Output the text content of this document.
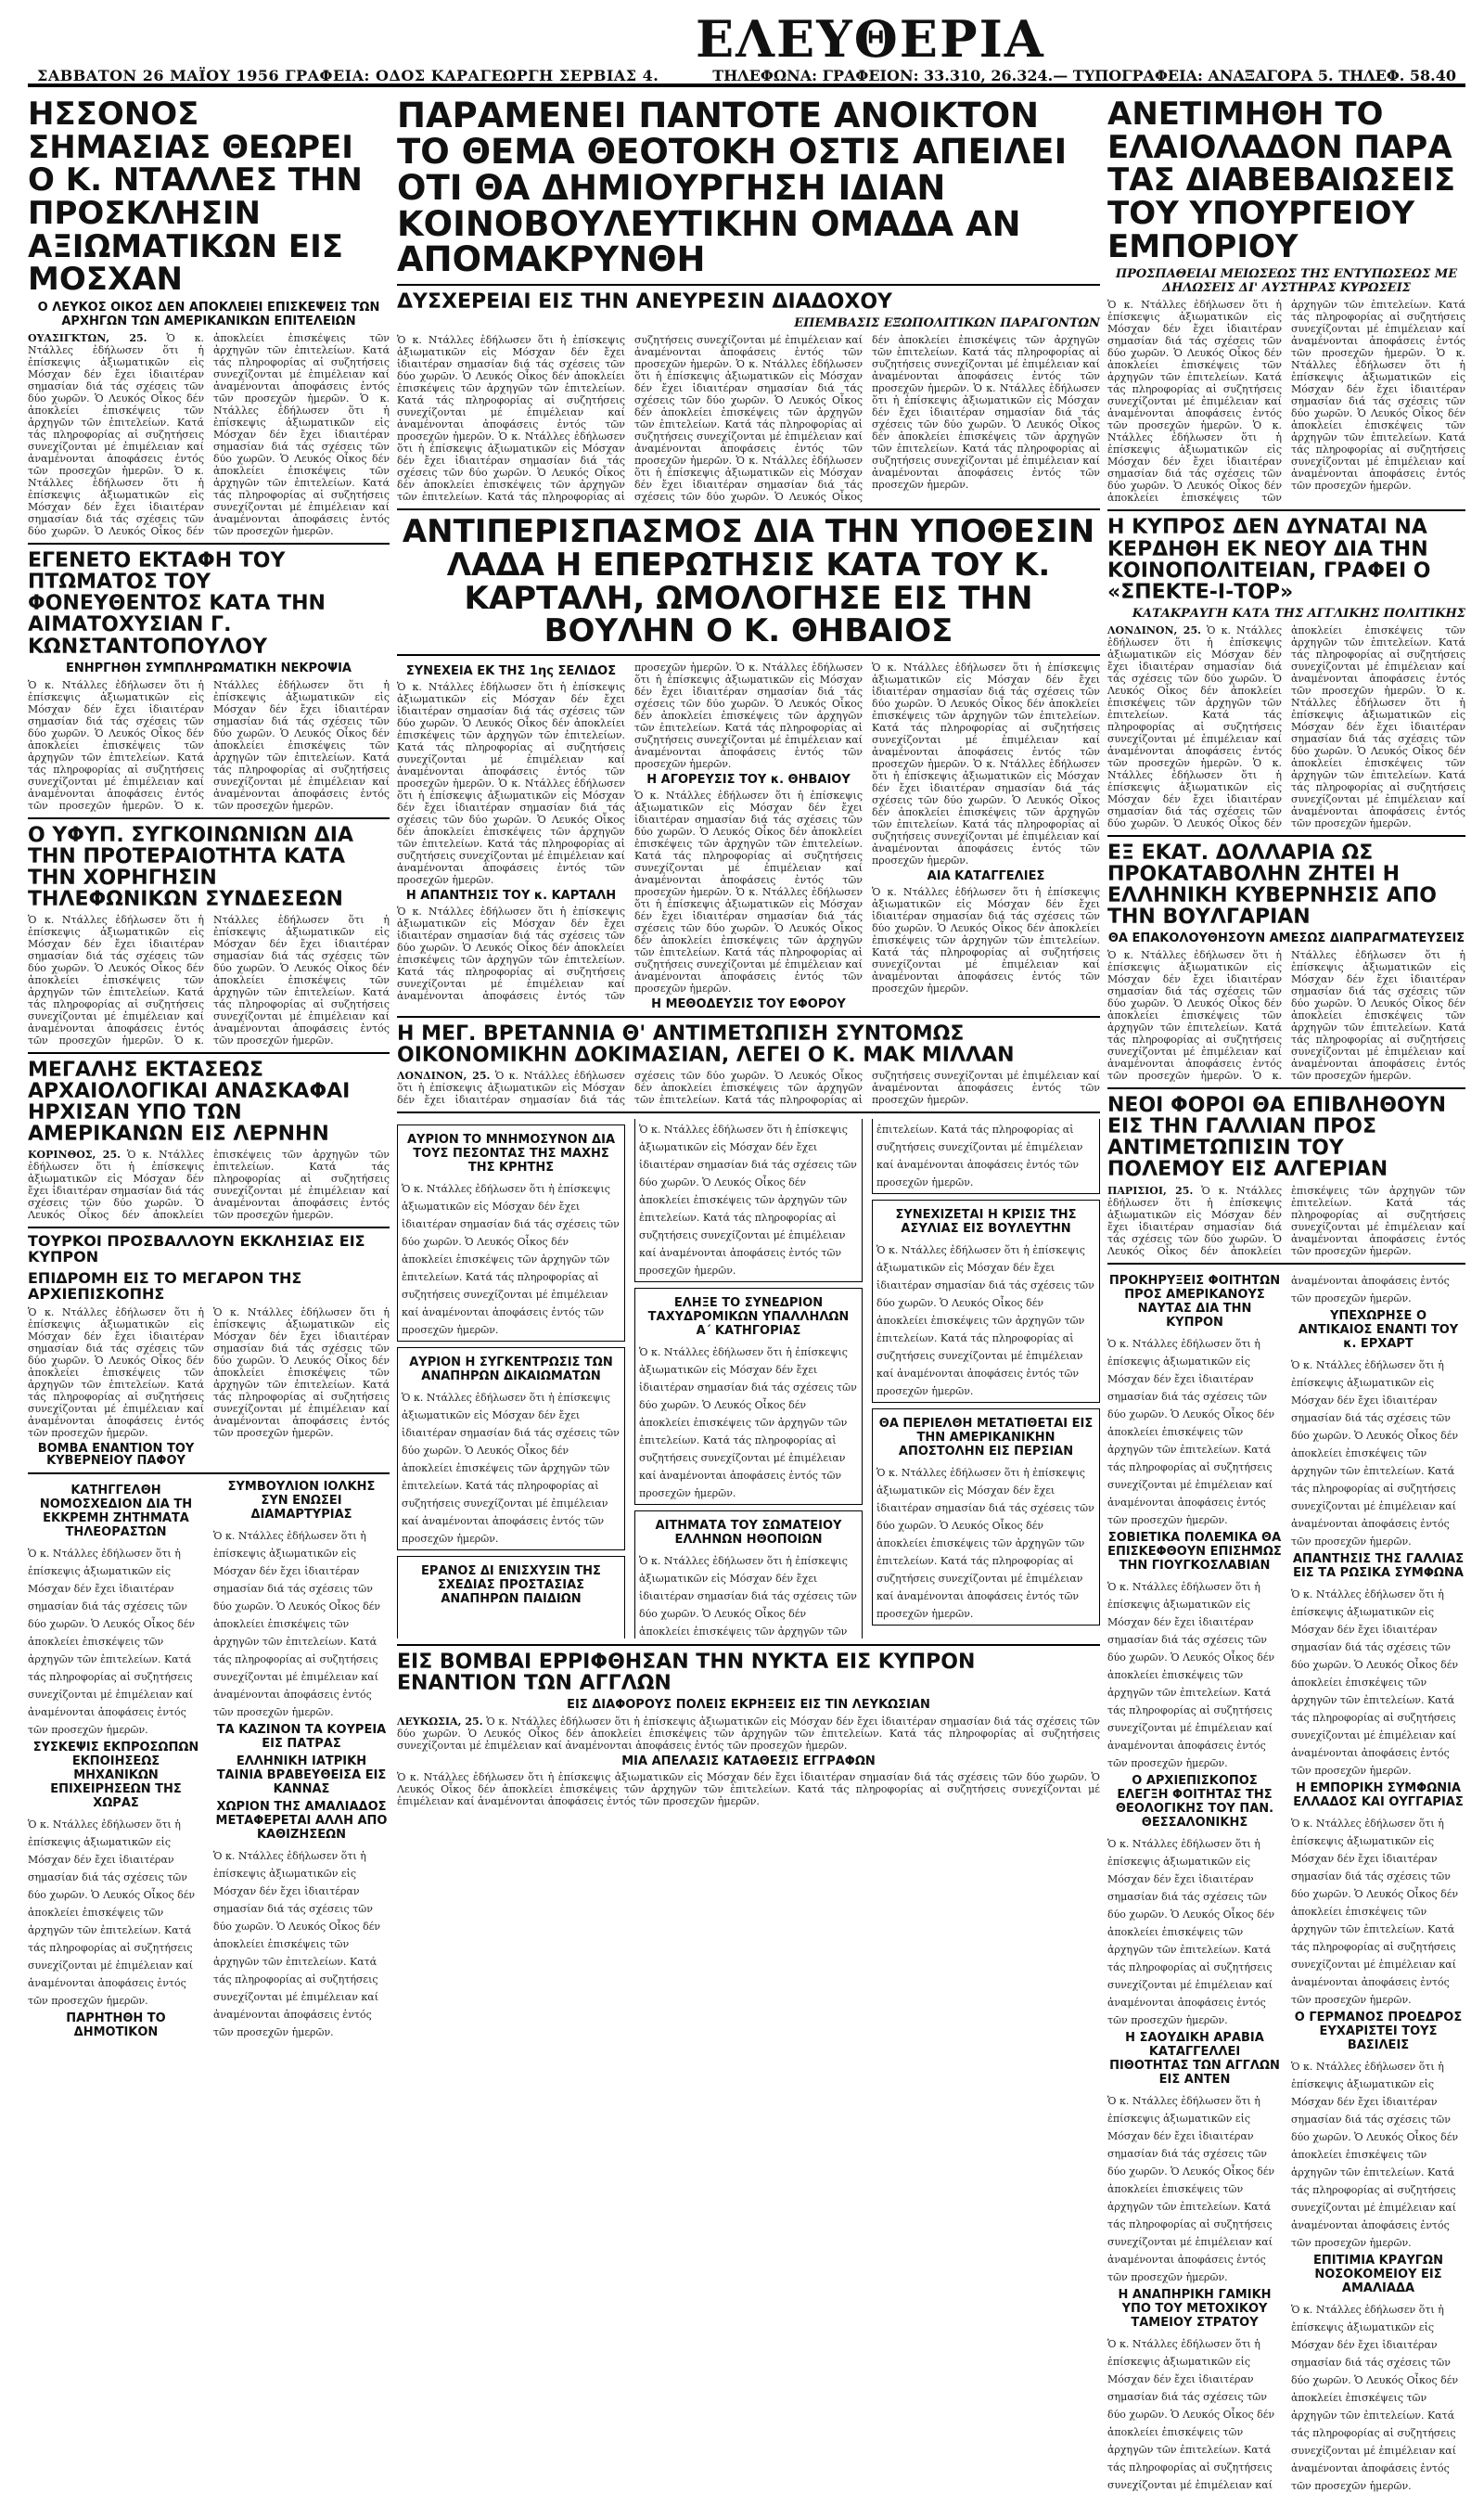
ΣΑΒΒΑΤΟΝ 26 ΜΑΪΟΥ 1956 ΓΡΑΦΕΙΑ: ΟΔΟΣ ΚΑΡΑΓΕΩΡΓΗ ΣΕΡΒΙΑΣ 4.
ΕΛΕΥΘΕΡΙΑ
ΤΗΛΕΦΩΝΑ: ΓΡΑΦΕΙΟΝ: 33.310, 26.324.— ΤΥΠΟΓΡΑΦΕΙΑ: ΑΝΑΞΑΓΟΡΑ 5. ΤΗΛΕΦ. 58.40
ΗΣΣΟΝΟΣ ΣΗΜΑΣΙΑΣ ΘΕΩΡΕΙ Ο Κ. ΝΤΑΛΛΕΣ ΤΗΝ ΠΡΟΣΚΛΗΣΙΝ ΑΞΙΩΜΑΤΙΚΩΝ ΕΙΣ ΜΟΣΧΑΝ
Ο ΛΕΥΚΟΣ ΟΙΚΟΣ ΔΕΝ ΑΠΟΚΛΕΙΕΙ ΕΠΙΣΚΕΨΕΙΣ ΤΩΝ ΑΡΧΗΓΩΝ ΤΩΝ ΑΜΕΡΙΚΑΝΙΚΩΝ ΕΠΙΤΕΛΕΙΩΝ
ΟΥΑΣΙΓΚΤΩΝ, 25. Ὁ κ. Ντάλλες ἐδήλωσεν ὅτι ἡ ἐπίσκεψις ἀξιωματικῶν εἰς Μόσχαν δέν ἔχει ἰδιαιτέραν σημασίαν διά τάς σχέσεις τῶν δύο χωρῶν. Ὁ Λευκός Οἶκος δέν ἀποκλείει ἐπισκέψεις τῶν ἀρχηγῶν τῶν ἐπιτελείων. Κατά τάς πληροφορίας αἱ συζητήσεις συνεχίζονται μέ ἐπιμέλειαν καί ἀναμένονται ἀποφάσεις ἐντός τῶν προσεχῶν ἡμερῶν. Ὁ κ. Ντάλλες ἐδήλωσεν ὅτι ἡ ἐπίσκεψις ἀξιωματικῶν εἰς Μόσχαν δέν ἔχει ἰδιαιτέραν σημασίαν διά τάς σχέσεις τῶν δύο χωρῶν. Ὁ Λευκός Οἶκος δέν ἀποκλείει ἐπισκέψεις τῶν ἀρχηγῶν τῶν ἐπιτελείων. Κατά τάς πληροφορίας αἱ συζητήσεις συνεχίζονται μέ ἐπιμέλειαν καί ἀναμένονται ἀποφάσεις ἐντός τῶν προσεχῶν ἡμερῶν. Ὁ κ. Ντάλλες ἐδήλωσεν ὅτι ἡ ἐπίσκεψις ἀξιωματικῶν εἰς Μόσχαν δέν ἔχει ἰδιαιτέραν σημασίαν διά τάς σχέσεις τῶν δύο χωρῶν. Ὁ Λευκός Οἶκος δέν ἀποκλείει ἐπισκέψεις τῶν ἀρχηγῶν τῶν ἐπιτελείων. Κατά τάς πληροφορίας αἱ συζητήσεις συνεχίζονται μέ ἐπιμέλειαν καί ἀναμένονται ἀποφάσεις ἐντός τῶν προσεχῶν ἡμερῶν.
ΕΓΕΝΕΤΟ ΕΚΤΑΦΗ ΤΟΥ ΠΤΩΜΑΤΟΣ ΤΟΥ ΦΟΝΕΥΘΕΝΤΟΣ ΚΑΤΑ ΤΗΝ ΑΙΜΑΤΟΧΥΣΙΑΝ Γ. ΚΩΝΣΤΑΝΤΟΠΟΥΛΟΥ
ΕΝΗΡΓΗΘΗ ΣΥΜΠΛΗΡΩΜΑΤΙΚΗ ΝΕΚΡΟΨΙΑ
Ὁ κ. Ντάλλες ἐδήλωσεν ὅτι ἡ ἐπίσκεψις ἀξιωματικῶν εἰς Μόσχαν δέν ἔχει ἰδιαιτέραν σημασίαν διά τάς σχέσεις τῶν δύο χωρῶν. Ὁ Λευκός Οἶκος δέν ἀποκλείει ἐπισκέψεις τῶν ἀρχηγῶν τῶν ἐπιτελείων. Κατά τάς πληροφορίας αἱ συζητήσεις συνεχίζονται μέ ἐπιμέλειαν καί ἀναμένονται ἀποφάσεις ἐντός τῶν προσεχῶν ἡμερῶν. Ὁ κ. Ντάλλες ἐδήλωσεν ὅτι ἡ ἐπίσκεψις ἀξιωματικῶν εἰς Μόσχαν δέν ἔχει ἰδιαιτέραν σημασίαν διά τάς σχέσεις τῶν δύο χωρῶν. Ὁ Λευκός Οἶκος δέν ἀποκλείει ἐπισκέψεις τῶν ἀρχηγῶν τῶν ἐπιτελείων. Κατά τάς πληροφορίας αἱ συζητήσεις συνεχίζονται μέ ἐπιμέλειαν καί ἀναμένονται ἀποφάσεις ἐντός τῶν προσεχῶν ἡμερῶν.
Ο ΥΦΥΠ. ΣΥΓΚΟΙΝΩΝΙΩΝ ΔΙΑ ΤΗΝ ΠΡΟΤΕΡΑΙΟΤΗΤΑ ΚΑΤΑ ΤΗΝ ΧΟΡΗΓΗΣΙΝ ΤΗΛΕΦΩΝΙΚΩΝ ΣΥΝΔΕΣΕΩΝ
Ὁ κ. Ντάλλες ἐδήλωσεν ὅτι ἡ ἐπίσκεψις ἀξιωματικῶν εἰς Μόσχαν δέν ἔχει ἰδιαιτέραν σημασίαν διά τάς σχέσεις τῶν δύο χωρῶν. Ὁ Λευκός Οἶκος δέν ἀποκλείει ἐπισκέψεις τῶν ἀρχηγῶν τῶν ἐπιτελείων. Κατά τάς πληροφορίας αἱ συζητήσεις συνεχίζονται μέ ἐπιμέλειαν καί ἀναμένονται ἀποφάσεις ἐντός τῶν προσεχῶν ἡμερῶν. Ὁ κ. Ντάλλες ἐδήλωσεν ὅτι ἡ ἐπίσκεψις ἀξιωματικῶν εἰς Μόσχαν δέν ἔχει ἰδιαιτέραν σημασίαν διά τάς σχέσεις τῶν δύο χωρῶν. Ὁ Λευκός Οἶκος δέν ἀποκλείει ἐπισκέψεις τῶν ἀρχηγῶν τῶν ἐπιτελείων. Κατά τάς πληροφορίας αἱ συζητήσεις συνεχίζονται μέ ἐπιμέλειαν καί ἀναμένονται ἀποφάσεις ἐντός τῶν προσεχῶν ἡμερῶν.
ΜΕΓΑΛΗΣ ΕΚΤΑΣΕΩΣ ΑΡΧΑΙΟΛΟΓΙΚΑΙ ΑΝΑΣΚΑΦΑΙ ΗΡΧΙΣΑΝ ΥΠΟ ΤΩΝ ΑΜΕΡΙΚΑΝΩΝ ΕΙΣ ΛΕΡΝΗΝ
ΚΟΡΙΝΘΟΣ, 25. Ὁ κ. Ντάλλες ἐδήλωσεν ὅτι ἡ ἐπίσκεψις ἀξιωματικῶν εἰς Μόσχαν δέν ἔχει ἰδιαιτέραν σημασίαν διά τάς σχέσεις τῶν δύο χωρῶν. Ὁ Λευκός Οἶκος δέν ἀποκλείει ἐπισκέψεις τῶν ἀρχηγῶν τῶν ἐπιτελείων. Κατά τάς πληροφορίας αἱ συζητήσεις συνεχίζονται μέ ἐπιμέλειαν καί ἀναμένονται ἀποφάσεις ἐντός τῶν προσεχῶν ἡμερῶν.
ΤΟΥΡΚΟΙ ΠΡΟΣΒΑΛΛΟΥΝ ΕΚΚΛΗΣΙΑΣ ΕΙΣ ΚΥΠΡΟΝ
ΕΠΙΔΡΟΜΗ ΕΙΣ ΤΟ ΜΕΓΑΡΟΝ ΤΗΣ ΑΡΧΙΕΠΙΣΚΟΠΗΣ
Ὁ κ. Ντάλλες ἐδήλωσεν ὅτι ἡ ἐπίσκεψις ἀξιωματικῶν εἰς Μόσχαν δέν ἔχει ἰδιαιτέραν σημασίαν διά τάς σχέσεις τῶν δύο χωρῶν. Ὁ Λευκός Οἶκος δέν ἀποκλείει ἐπισκέψεις τῶν ἀρχηγῶν τῶν ἐπιτελείων. Κατά τάς πληροφορίας αἱ συζητήσεις συνεχίζονται μέ ἐπιμέλειαν καί ἀναμένονται ἀποφάσεις ἐντός τῶν προσεχῶν ἡμερῶν.
ΒΟΜΒΑ ΕΝΑΝΤΙΟΝ ΤΟΥ ΚΥΒΕΡΝΕΙΟΥ ΠΑΦΟΥ
Ὁ κ. Ντάλλες ἐδήλωσεν ὅτι ἡ ἐπίσκεψις ἀξιωματικῶν εἰς Μόσχαν δέν ἔχει ἰδιαιτέραν σημασίαν διά τάς σχέσεις τῶν δύο χωρῶν. Ὁ Λευκός Οἶκος δέν ἀποκλείει ἐπισκέψεις τῶν ἀρχηγῶν τῶν ἐπιτελείων. Κατά τάς πληροφορίας αἱ συζητήσεις συνεχίζονται μέ ἐπιμέλειαν καί ἀναμένονται ἀποφάσεις ἐντός τῶν προσεχῶν ἡμερῶν.
ΚΑΤΗΓΓΕΛΘΗ ΝΟΜΟΣΧΕΔΙΟΝ ΔΙΑ ΤΗ ΕΚΚΡΕΜΗ ΖΗΤΗΜΑΤΑ ΤΗΛΕΟΡΑΣΤΩΝ
Ὁ κ. Ντάλλες ἐδήλωσεν ὅτι ἡ ἐπίσκεψις ἀξιωματικῶν εἰς Μόσχαν δέν ἔχει ἰδιαιτέραν σημασίαν διά τάς σχέσεις τῶν δύο χωρῶν. Ὁ Λευκός Οἶκος δέν ἀποκλείει ἐπισκέψεις τῶν ἀρχηγῶν τῶν ἐπιτελείων. Κατά τάς πληροφορίας αἱ συζητήσεις συνεχίζονται μέ ἐπιμέλειαν καί ἀναμένονται ἀποφάσεις ἐντός τῶν προσεχῶν ἡμερῶν.
ΣΥΣΚΕΨΙΣ ΕΚΠΡΟΣΩΠΩΝ ΕΚΠΟΙΗΣΕΩΣ ΜΗΧΑΝΙΚΩΝ ΕΠΙΧΕΙΡΗΣΕΩΝ ΤΗΣ ΧΩΡΑΣ
Ὁ κ. Ντάλλες ἐδήλωσεν ὅτι ἡ ἐπίσκεψις ἀξιωματικῶν εἰς Μόσχαν δέν ἔχει ἰδιαιτέραν σημασίαν διά τάς σχέσεις τῶν δύο χωρῶν. Ὁ Λευκός Οἶκος δέν ἀποκλείει ἐπισκέψεις τῶν ἀρχηγῶν τῶν ἐπιτελείων. Κατά τάς πληροφορίας αἱ συζητήσεις συνεχίζονται μέ ἐπιμέλειαν καί ἀναμένονται ἀποφάσεις ἐντός τῶν προσεχῶν ἡμερῶν.
ΠΑΡΗΤΗΘΗ ΤΟ ΔΗΜΟΤΙΚΟΝ ΣΥΜΒΟΥΛΙΟΝ ΙΟΛΚΗΣ ΣΥΝ ΕΝΩΣΕΙ ΔΙΑΜΑΡΤΥΡΙΑΣ
Ὁ κ. Ντάλλες ἐδήλωσεν ὅτι ἡ ἐπίσκεψις ἀξιωματικῶν εἰς Μόσχαν δέν ἔχει ἰδιαιτέραν σημασίαν διά τάς σχέσεις τῶν δύο χωρῶν. Ὁ Λευκός Οἶκος δέν ἀποκλείει ἐπισκέψεις τῶν ἀρχηγῶν τῶν ἐπιτελείων. Κατά τάς πληροφορίας αἱ συζητήσεις συνεχίζονται μέ ἐπιμέλειαν καί ἀναμένονται ἀποφάσεις ἐντός τῶν προσεχῶν ἡμερῶν.
ΤΑ ΚΑΖΙΝΟΝ ΤΑ ΚΟΥΡΕΙΑ ΕΙΣ ΠΑΤΡΑΣ
ΕΛΛΗΝΙΚΗ ΙΑΤΡΙΚΗ ΤΑΙΝΙΑ ΒΡΑΒΕΥΘΕΙΣΑ ΕΙΣ ΚΑΝΝΑΣ
ΧΩΡΙΟΝ ΤΗΣ ΑΜΑΛΙΑΔΟΣ ΜΕΤΑΦΕΡΕΤΑΙ ΑΛΛΗ ΑΠΟ ΚΑΘΙΖΗΣΕΩΝ
Ὁ κ. Ντάλλες ἐδήλωσεν ὅτι ἡ ἐπίσκεψις ἀξιωματικῶν εἰς Μόσχαν δέν ἔχει ἰδιαιτέραν σημασίαν διά τάς σχέσεις τῶν δύο χωρῶν. Ὁ Λευκός Οἶκος δέν ἀποκλείει ἐπισκέψεις τῶν ἀρχηγῶν τῶν ἐπιτελείων. Κατά τάς πληροφορίας αἱ συζητήσεις συνεχίζονται μέ ἐπιμέλειαν καί ἀναμένονται ἀποφάσεις ἐντός τῶν προσεχῶν ἡμερῶν.
ΠΑΡΑΜΕΝΕΙ ΠΑΝΤΟΤΕ ΑΝΟΙΚΤΟΝ ΤΟ ΘΕΜΑ ΘΕΟΤΟΚΗ ΟΣΤΙΣ ΑΠΕΙΛΕΙ ΟΤΙ ΘΑ ΔΗΜΙΟΥΡΓΗΣΗ ΙΔΙΑΝ ΚΟΙΝΟΒΟΥΛΕΥΤΙΚΗΝ ΟΜΑΔΑ ΑΝ ΑΠΟΜΑΚΡΥΝΘΗ
ΔΥΣΧΕΡΕΙΑΙ ΕΙΣ ΤΗΝ ΑΝΕΥΡΕΣΙΝ ΔΙΑΔΟΧΟΥ
ΕΠΕΜΒΑΣΙΣ ΕΞΩΠΟΛΙΤΙΚΩΝ ΠΑΡΑΓΟΝΤΩΝ
Ὁ κ. Ντάλλες ἐδήλωσεν ὅτι ἡ ἐπίσκεψις ἀξιωματικῶν εἰς Μόσχαν δέν ἔχει ἰδιαιτέραν σημασίαν διά τάς σχέσεις τῶν δύο χωρῶν. Ὁ Λευκός Οἶκος δέν ἀποκλείει ἐπισκέψεις τῶν ἀρχηγῶν τῶν ἐπιτελείων. Κατά τάς πληροφορίας αἱ συζητήσεις συνεχίζονται μέ ἐπιμέλειαν καί ἀναμένονται ἀποφάσεις ἐντός τῶν προσεχῶν ἡμερῶν. Ὁ κ. Ντάλλες ἐδήλωσεν ὅτι ἡ ἐπίσκεψις ἀξιωματικῶν εἰς Μόσχαν δέν ἔχει ἰδιαιτέραν σημασίαν διά τάς σχέσεις τῶν δύο χωρῶν. Ὁ Λευκός Οἶκος δέν ἀποκλείει ἐπισκέψεις τῶν ἀρχηγῶν τῶν ἐπιτελείων. Κατά τάς πληροφορίας αἱ συζητήσεις συνεχίζονται μέ ἐπιμέλειαν καί ἀναμένονται ἀποφάσεις ἐντός τῶν προσεχῶν ἡμερῶν. Ὁ κ. Ντάλλες ἐδήλωσεν ὅτι ἡ ἐπίσκεψις ἀξιωματικῶν εἰς Μόσχαν δέν ἔχει ἰδιαιτέραν σημασίαν διά τάς σχέσεις τῶν δύο χωρῶν. Ὁ Λευκός Οἶκος δέν ἀποκλείει ἐπισκέψεις τῶν ἀρχηγῶν τῶν ἐπιτελείων. Κατά τάς πληροφορίας αἱ συζητήσεις συνεχίζονται μέ ἐπιμέλειαν καί ἀναμένονται ἀποφάσεις ἐντός τῶν προσεχῶν ἡμερῶν. Ὁ κ. Ντάλλες ἐδήλωσεν ὅτι ἡ ἐπίσκεψις ἀξιωματικῶν εἰς Μόσχαν δέν ἔχει ἰδιαιτέραν σημασίαν διά τάς σχέσεις τῶν δύο χωρῶν. Ὁ Λευκός Οἶκος δέν ἀποκλείει ἐπισκέψεις τῶν ἀρχηγῶν τῶν ἐπιτελείων. Κατά τάς πληροφορίας αἱ συζητήσεις συνεχίζονται μέ ἐπιμέλειαν καί ἀναμένονται ἀποφάσεις ἐντός τῶν προσεχῶν ἡμερῶν. Ὁ κ. Ντάλλες ἐδήλωσεν ὅτι ἡ ἐπίσκεψις ἀξιωματικῶν εἰς Μόσχαν δέν ἔχει ἰδιαιτέραν σημασίαν διά τάς σχέσεις τῶν δύο χωρῶν. Ὁ Λευκός Οἶκος δέν ἀποκλείει ἐπισκέψεις τῶν ἀρχηγῶν τῶν ἐπιτελείων. Κατά τάς πληροφορίας αἱ συζητήσεις συνεχίζονται μέ ἐπιμέλειαν καί ἀναμένονται ἀποφάσεις ἐντός τῶν προσεχῶν ἡμερῶν.
ΑΝΤΙΠΕΡΙΣΠΑΣΜΟΣ ΔΙΑ ΤΗΝ ΥΠΟΘΕΣΙΝ ΛΑΔΑ Η ΕΠΕΡΩΤΗΣΙΣ ΚΑΤΑ ΤΟΥ Κ. ΚΑΡΤΑΛΗ, ΩΜΟΛΟΓΗΣΕ ΕΙΣ ΤΗΝ ΒΟΥΛΗΝ Ο Κ. ΘΗΒΑΙΟΣ
ΣΥΝΕΧΕΙΑ ΕΚ ΤΗΣ 1ης ΣΕΛΙΔΟΣ
Ὁ κ. Ντάλλες ἐδήλωσεν ὅτι ἡ ἐπίσκεψις ἀξιωματικῶν εἰς Μόσχαν δέν ἔχει ἰδιαιτέραν σημασίαν διά τάς σχέσεις τῶν δύο χωρῶν. Ὁ Λευκός Οἶκος δέν ἀποκλείει ἐπισκέψεις τῶν ἀρχηγῶν τῶν ἐπιτελείων. Κατά τάς πληροφορίας αἱ συζητήσεις συνεχίζονται μέ ἐπιμέλειαν καί ἀναμένονται ἀποφάσεις ἐντός τῶν προσεχῶν ἡμερῶν. Ὁ κ. Ντάλλες ἐδήλωσεν ὅτι ἡ ἐπίσκεψις ἀξιωματικῶν εἰς Μόσχαν δέν ἔχει ἰδιαιτέραν σημασίαν διά τάς σχέσεις τῶν δύο χωρῶν. Ὁ Λευκός Οἶκος δέν ἀποκλείει ἐπισκέψεις τῶν ἀρχηγῶν τῶν ἐπιτελείων. Κατά τάς πληροφορίας αἱ συζητήσεις συνεχίζονται μέ ἐπιμέλειαν καί ἀναμένονται ἀποφάσεις ἐντός τῶν προσεχῶν ἡμερῶν.
Η ΑΠΑΝΤΗΣΙΣ ΤΟΥ κ. ΚΑΡΤΑΛΗ
Ὁ κ. Ντάλλες ἐδήλωσεν ὅτι ἡ ἐπίσκεψις ἀξιωματικῶν εἰς Μόσχαν δέν ἔχει ἰδιαιτέραν σημασίαν διά τάς σχέσεις τῶν δύο χωρῶν. Ὁ Λευκός Οἶκος δέν ἀποκλείει ἐπισκέψεις τῶν ἀρχηγῶν τῶν ἐπιτελείων. Κατά τάς πληροφορίας αἱ συζητήσεις συνεχίζονται μέ ἐπιμέλειαν καί ἀναμένονται ἀποφάσεις ἐντός τῶν προσεχῶν ἡμερῶν. Ὁ κ. Ντάλλες ἐδήλωσεν ὅτι ἡ ἐπίσκεψις ἀξιωματικῶν εἰς Μόσχαν δέν ἔχει ἰδιαιτέραν σημασίαν διά τάς σχέσεις τῶν δύο χωρῶν. Ὁ Λευκός Οἶκος δέν ἀποκλείει ἐπισκέψεις τῶν ἀρχηγῶν τῶν ἐπιτελείων. Κατά τάς πληροφορίας αἱ συζητήσεις συνεχίζονται μέ ἐπιμέλειαν καί ἀναμένονται ἀποφάσεις ἐντός τῶν προσεχῶν ἡμερῶν.
Η ΑΓΟΡΕΥΣΙΣ ΤΟΥ κ. ΘΗΒΑΙΟΥ
Ὁ κ. Ντάλλες ἐδήλωσεν ὅτι ἡ ἐπίσκεψις ἀξιωματικῶν εἰς Μόσχαν δέν ἔχει ἰδιαιτέραν σημασίαν διά τάς σχέσεις τῶν δύο χωρῶν. Ὁ Λευκός Οἶκος δέν ἀποκλείει ἐπισκέψεις τῶν ἀρχηγῶν τῶν ἐπιτελείων. Κατά τάς πληροφορίας αἱ συζητήσεις συνεχίζονται μέ ἐπιμέλειαν καί ἀναμένονται ἀποφάσεις ἐντός τῶν προσεχῶν ἡμερῶν. Ὁ κ. Ντάλλες ἐδήλωσεν ὅτι ἡ ἐπίσκεψις ἀξιωματικῶν εἰς Μόσχαν δέν ἔχει ἰδιαιτέραν σημασίαν διά τάς σχέσεις τῶν δύο χωρῶν. Ὁ Λευκός Οἶκος δέν ἀποκλείει ἐπισκέψεις τῶν ἀρχηγῶν τῶν ἐπιτελείων. Κατά τάς πληροφορίας αἱ συζητήσεις συνεχίζονται μέ ἐπιμέλειαν καί ἀναμένονται ἀποφάσεις ἐντός τῶν προσεχῶν ἡμερῶν.
Η ΜΕΘΟΔΕΥΣΙΣ ΤΟΥ ΕΦΟΡΟΥ
Ὁ κ. Ντάλλες ἐδήλωσεν ὅτι ἡ ἐπίσκεψις ἀξιωματικῶν εἰς Μόσχαν δέν ἔχει ἰδιαιτέραν σημασίαν διά τάς σχέσεις τῶν δύο χωρῶν. Ὁ Λευκός Οἶκος δέν ἀποκλείει ἐπισκέψεις τῶν ἀρχηγῶν τῶν ἐπιτελείων. Κατά τάς πληροφορίας αἱ συζητήσεις συνεχίζονται μέ ἐπιμέλειαν καί ἀναμένονται ἀποφάσεις ἐντός τῶν προσεχῶν ἡμερῶν. Ὁ κ. Ντάλλες ἐδήλωσεν ὅτι ἡ ἐπίσκεψις ἀξιωματικῶν εἰς Μόσχαν δέν ἔχει ἰδιαιτέραν σημασίαν διά τάς σχέσεις τῶν δύο χωρῶν. Ὁ Λευκός Οἶκος δέν ἀποκλείει ἐπισκέψεις τῶν ἀρχηγῶν τῶν ἐπιτελείων. Κατά τάς πληροφορίας αἱ συζητήσεις συνεχίζονται μέ ἐπιμέλειαν καί ἀναμένονται ἀποφάσεις ἐντός τῶν προσεχῶν ἡμερῶν.
ΑΙΑ ΚΑΤΑΓΓΕΛΙΕΣ
Ὁ κ. Ντάλλες ἐδήλωσεν ὅτι ἡ ἐπίσκεψις ἀξιωματικῶν εἰς Μόσχαν δέν ἔχει ἰδιαιτέραν σημασίαν διά τάς σχέσεις τῶν δύο χωρῶν. Ὁ Λευκός Οἶκος δέν ἀποκλείει ἐπισκέψεις τῶν ἀρχηγῶν τῶν ἐπιτελείων. Κατά τάς πληροφορίας αἱ συζητήσεις συνεχίζονται μέ ἐπιμέλειαν καί ἀναμένονται ἀποφάσεις ἐντός τῶν προσεχῶν ἡμερῶν.
Η ΜΕΓ. ΒΡΕΤΑΝΝΙΑ Θ' ΑΝΤΙΜΕΤΩΠΙΣΗ ΣΥΝΤΟΜΩΣ ΟΙΚΟΝΟΜΙΚΗΝ ΔΟΚΙΜΑΣΙΑΝ, ΛΕΓΕΙ Ο Κ. ΜΑΚ ΜΙΛΛΑΝ
ΛΟΝΔΙΝΟΝ, 25. Ὁ κ. Ντάλλες ἐδήλωσεν ὅτι ἡ ἐπίσκεψις ἀξιωματικῶν εἰς Μόσχαν δέν ἔχει ἰδιαιτέραν σημασίαν διά τάς σχέσεις τῶν δύο χωρῶν. Ὁ Λευκός Οἶκος δέν ἀποκλείει ἐπισκέψεις τῶν ἀρχηγῶν τῶν ἐπιτελείων. Κατά τάς πληροφορίας αἱ συζητήσεις συνεχίζονται μέ ἐπιμέλειαν καί ἀναμένονται ἀποφάσεις ἐντός τῶν προσεχῶν ἡμερῶν.
ΑΥΡΙΟΝ ΤΟ ΜΝΗΜΟΣΥΝΟΝ ΔΙΑ ΤΟΥΣ ΠΕΣΟΝΤΑΣ ΤΗΣ ΜΑΧΗΣ ΤΗΣ ΚΡΗΤΗΣ
Ὁ κ. Ντάλλες ἐδήλωσεν ὅτι ἡ ἐπίσκεψις ἀξιωματικῶν εἰς Μόσχαν δέν ἔχει ἰδιαιτέραν σημασίαν διά τάς σχέσεις τῶν δύο χωρῶν. Ὁ Λευκός Οἶκος δέν ἀποκλείει ἐπισκέψεις τῶν ἀρχηγῶν τῶν ἐπιτελείων. Κατά τάς πληροφορίας αἱ συζητήσεις συνεχίζονται μέ ἐπιμέλειαν καί ἀναμένονται ἀποφάσεις ἐντός τῶν προσεχῶν ἡμερῶν.
ΑΥΡΙΟΝ Η ΣΥΓΚΕΝΤΡΩΣΙΣ ΤΩΝ ΑΝΑΠΗΡΩΝ ΔΙΚΑΙΩΜΑΤΩΝ
Ὁ κ. Ντάλλες ἐδήλωσεν ὅτι ἡ ἐπίσκεψις ἀξιωματικῶν εἰς Μόσχαν δέν ἔχει ἰδιαιτέραν σημασίαν διά τάς σχέσεις τῶν δύο χωρῶν. Ὁ Λευκός Οἶκος δέν ἀποκλείει ἐπισκέψεις τῶν ἀρχηγῶν τῶν ἐπιτελείων. Κατά τάς πληροφορίας αἱ συζητήσεις συνεχίζονται μέ ἐπιμέλειαν καί ἀναμένονται ἀποφάσεις ἐντός τῶν προσεχῶν ἡμερῶν.
ΕΡΑΝΟΣ ΔΙ ΕΝΙΣΧΥΣΙΝ ΤΗΣ ΣΧΕΔΙΑΣ ΠΡΟΣΤΑΣΙΑΣ ΑΝΑΠΗΡΩΝ ΠΑΙΔΙΩΝ
Ὁ κ. Ντάλλες ἐδήλωσεν ὅτι ἡ ἐπίσκεψις ἀξιωματικῶν εἰς Μόσχαν δέν ἔχει ἰδιαιτέραν σημασίαν διά τάς σχέσεις τῶν δύο χωρῶν. Ὁ Λευκός Οἶκος δέν ἀποκλείει ἐπισκέψεις τῶν ἀρχηγῶν τῶν ἐπιτελείων. Κατά τάς πληροφορίας αἱ συζητήσεις συνεχίζονται μέ ἐπιμέλειαν καί ἀναμένονται ἀποφάσεις ἐντός τῶν προσεχῶν ἡμερῶν.
ΕΛΗΞΕ ΤΟ ΣΥΝΕΔΡΙΟΝ ΤΑΧΥΔΡΟΜΙΚΩΝ ΥΠΑΛΛΗΛΩΝ Α΄ ΚΑΤΗΓΟΡΙΑΣ
Ὁ κ. Ντάλλες ἐδήλωσεν ὅτι ἡ ἐπίσκεψις ἀξιωματικῶν εἰς Μόσχαν δέν ἔχει ἰδιαιτέραν σημασίαν διά τάς σχέσεις τῶν δύο χωρῶν. Ὁ Λευκός Οἶκος δέν ἀποκλείει ἐπισκέψεις τῶν ἀρχηγῶν τῶν ἐπιτελείων. Κατά τάς πληροφορίας αἱ συζητήσεις συνεχίζονται μέ ἐπιμέλειαν καί ἀναμένονται ἀποφάσεις ἐντός τῶν προσεχῶν ἡμερῶν.
ΑΙΤΗΜΑΤΑ ΤΟΥ ΣΩΜΑΤΕΙΟΥ ΕΛΛΗΝΩΝ ΗΘΟΠΟΙΩΝ
Ὁ κ. Ντάλλες ἐδήλωσεν ὅτι ἡ ἐπίσκεψις ἀξιωματικῶν εἰς Μόσχαν δέν ἔχει ἰδιαιτέραν σημασίαν διά τάς σχέσεις τῶν δύο χωρῶν. Ὁ Λευκός Οἶκος δέν ἀποκλείει ἐπισκέψεις τῶν ἀρχηγῶν τῶν ἐπιτελείων. Κατά τάς πληροφορίας αἱ συζητήσεις συνεχίζονται μέ ἐπιμέλειαν καί ἀναμένονται ἀποφάσεις ἐντός τῶν προσεχῶν ἡμερῶν.
ΣΥΝΕΧΙΖΕΤΑΙ Η ΚΡΙΣΙΣ ΤΗΣ ΑΣΥΛΙΑΣ ΕΙΣ ΒΟΥΛΕΥΤΗΝ
Ὁ κ. Ντάλλες ἐδήλωσεν ὅτι ἡ ἐπίσκεψις ἀξιωματικῶν εἰς Μόσχαν δέν ἔχει ἰδιαιτέραν σημασίαν διά τάς σχέσεις τῶν δύο χωρῶν. Ὁ Λευκός Οἶκος δέν ἀποκλείει ἐπισκέψεις τῶν ἀρχηγῶν τῶν ἐπιτελείων. Κατά τάς πληροφορίας αἱ συζητήσεις συνεχίζονται μέ ἐπιμέλειαν καί ἀναμένονται ἀποφάσεις ἐντός τῶν προσεχῶν ἡμερῶν.
ΘΑ ΠΕΡΙΕΛΘΗ ΜΕΤΑΤΙΘΕΤΑΙ ΕΙΣ ΤΗΝ ΑΜΕΡΙΚΑΝΙΚΗΝ ΑΠΟΣΤΟΛΗΝ ΕΙΣ ΠΕΡΣΙΑΝ
Ὁ κ. Ντάλλες ἐδήλωσεν ὅτι ἡ ἐπίσκεψις ἀξιωματικῶν εἰς Μόσχαν δέν ἔχει ἰδιαιτέραν σημασίαν διά τάς σχέσεις τῶν δύο χωρῶν. Ὁ Λευκός Οἶκος δέν ἀποκλείει ἐπισκέψεις τῶν ἀρχηγῶν τῶν ἐπιτελείων. Κατά τάς πληροφορίας αἱ συζητήσεις συνεχίζονται μέ ἐπιμέλειαν καί ἀναμένονται ἀποφάσεις ἐντός τῶν προσεχῶν ἡμερῶν.
ΕΙΣ ΒΟΜΒΑΙ ΕΡΡΙΦΘΗΣΑΝ ΤΗΝ ΝΥΚΤΑ ΕΙΣ ΚΥΠΡΟΝ ΕΝΑΝΤΙΟΝ ΤΩΝ ΑΓΓΛΩΝ
ΕΙΣ ΔΙΑΦΟΡΟΥΣ ΠΟΛΕΙΣ ΕΚΡΗΞΕΙΣ ΕΙΣ ΤΙΝ ΛΕΥΚΩΣΙΑΝ
ΛΕΥΚΩΣΙΑ, 25. Ὁ κ. Ντάλλες ἐδήλωσεν ὅτι ἡ ἐπίσκεψις ἀξιωματικῶν εἰς Μόσχαν δέν ἔχει ἰδιαιτέραν σημασίαν διά τάς σχέσεις τῶν δύο χωρῶν. Ὁ Λευκός Οἶκος δέν ἀποκλείει ἐπισκέψεις τῶν ἀρχηγῶν τῶν ἐπιτελείων. Κατά τάς πληροφορίας αἱ συζητήσεις συνεχίζονται μέ ἐπιμέλειαν καί ἀναμένονται ἀποφάσεις ἐντός τῶν προσεχῶν ἡμερῶν.
ΜΙΑ ΑΠΕΛΑΣΙΣ ΚΑΤΑΘΕΣΙΣ ΕΓΓΡΑΦΩΝ
Ὁ κ. Ντάλλες ἐδήλωσεν ὅτι ἡ ἐπίσκεψις ἀξιωματικῶν εἰς Μόσχαν δέν ἔχει ἰδιαιτέραν σημασίαν διά τάς σχέσεις τῶν δύο χωρῶν. Ὁ Λευκός Οἶκος δέν ἀποκλείει ἐπισκέψεις τῶν ἀρχηγῶν τῶν ἐπιτελείων. Κατά τάς πληροφορίας αἱ συζητήσεις συνεχίζονται μέ ἐπιμέλειαν καί ἀναμένονται ἀποφάσεις ἐντός τῶν προσεχῶν ἡμερῶν.
ΑΝΕΤΙΜΗΘΗ ΤΟ ΕΛΑΙΟΛΑΔΟΝ ΠΑΡΑ ΤΑΣ ΔΙΑΒΕΒΑΙΩΣΕΙΣ ΤΟΥ ΥΠΟΥΡΓΕΙΟΥ ΕΜΠΟΡΙΟΥ
ΠΡΟΣΠΑΘΕΙΑΙ ΜΕΙΩΣΕΩΣ ΤΗΣ ΕΝΤΥΠΩΣΕΩΣ ΜΕ ΔΗΛΩΣΕΙΣ ΔΙ' ΑΥΣΤΗΡΑΣ ΚΥΡΩΣΕΙΣ
Ὁ κ. Ντάλλες ἐδήλωσεν ὅτι ἡ ἐπίσκεψις ἀξιωματικῶν εἰς Μόσχαν δέν ἔχει ἰδιαιτέραν σημασίαν διά τάς σχέσεις τῶν δύο χωρῶν. Ὁ Λευκός Οἶκος δέν ἀποκλείει ἐπισκέψεις τῶν ἀρχηγῶν τῶν ἐπιτελείων. Κατά τάς πληροφορίας αἱ συζητήσεις συνεχίζονται μέ ἐπιμέλειαν καί ἀναμένονται ἀποφάσεις ἐντός τῶν προσεχῶν ἡμερῶν. Ὁ κ. Ντάλλες ἐδήλωσεν ὅτι ἡ ἐπίσκεψις ἀξιωματικῶν εἰς Μόσχαν δέν ἔχει ἰδιαιτέραν σημασίαν διά τάς σχέσεις τῶν δύο χωρῶν. Ὁ Λευκός Οἶκος δέν ἀποκλείει ἐπισκέψεις τῶν ἀρχηγῶν τῶν ἐπιτελείων. Κατά τάς πληροφορίας αἱ συζητήσεις συνεχίζονται μέ ἐπιμέλειαν καί ἀναμένονται ἀποφάσεις ἐντός τῶν προσεχῶν ἡμερῶν. Ὁ κ. Ντάλλες ἐδήλωσεν ὅτι ἡ ἐπίσκεψις ἀξιωματικῶν εἰς Μόσχαν δέν ἔχει ἰδιαιτέραν σημασίαν διά τάς σχέσεις τῶν δύο χωρῶν. Ὁ Λευκός Οἶκος δέν ἀποκλείει ἐπισκέψεις τῶν ἀρχηγῶν τῶν ἐπιτελείων. Κατά τάς πληροφορίας αἱ συζητήσεις συνεχίζονται μέ ἐπιμέλειαν καί ἀναμένονται ἀποφάσεις ἐντός τῶν προσεχῶν ἡμερῶν.
Η ΚΥΠΡΟΣ ΔΕΝ ΔΥΝΑΤΑΙ ΝΑ ΚΕΡΔΗΘΗ ΕΚ ΝΕΟΥ ΔΙΑ ΤΗΝ ΚΟΙΝΟΠΟΛΙΤΕΙΑΝ, ΓΡΑΦΕΙ Ο «ΣΠΕΚΤΕ-Ι-ΤΟΡ»
ΚΑΤΑΚΡΑΥΓΗ ΚΑΤΑ ΤΗΣ ΑΓΓΛΙΚΗΣ ΠΟΛΙΤΙΚΗΣ
ΛΟΝΔΙΝΟΝ, 25. Ὁ κ. Ντάλλες ἐδήλωσεν ὅτι ἡ ἐπίσκεψις ἀξιωματικῶν εἰς Μόσχαν δέν ἔχει ἰδιαιτέραν σημασίαν διά τάς σχέσεις τῶν δύο χωρῶν. Ὁ Λευκός Οἶκος δέν ἀποκλείει ἐπισκέψεις τῶν ἀρχηγῶν τῶν ἐπιτελείων. Κατά τάς πληροφορίας αἱ συζητήσεις συνεχίζονται μέ ἐπιμέλειαν καί ἀναμένονται ἀποφάσεις ἐντός τῶν προσεχῶν ἡμερῶν. Ὁ κ. Ντάλλες ἐδήλωσεν ὅτι ἡ ἐπίσκεψις ἀξιωματικῶν εἰς Μόσχαν δέν ἔχει ἰδιαιτέραν σημασίαν διά τάς σχέσεις τῶν δύο χωρῶν. Ὁ Λευκός Οἶκος δέν ἀποκλείει ἐπισκέψεις τῶν ἀρχηγῶν τῶν ἐπιτελείων. Κατά τάς πληροφορίας αἱ συζητήσεις συνεχίζονται μέ ἐπιμέλειαν καί ἀναμένονται ἀποφάσεις ἐντός τῶν προσεχῶν ἡμερῶν. Ὁ κ. Ντάλλες ἐδήλωσεν ὅτι ἡ ἐπίσκεψις ἀξιωματικῶν εἰς Μόσχαν δέν ἔχει ἰδιαιτέραν σημασίαν διά τάς σχέσεις τῶν δύο χωρῶν. Ὁ Λευκός Οἶκος δέν ἀποκλείει ἐπισκέψεις τῶν ἀρχηγῶν τῶν ἐπιτελείων. Κατά τάς πληροφορίας αἱ συζητήσεις συνεχίζονται μέ ἐπιμέλειαν καί ἀναμένονται ἀποφάσεις ἐντός τῶν προσεχῶν ἡμερῶν.
ΕΞ ΕΚΑΤ. ΔΟΛΛΑΡΙΑ ΩΣ ΠΡΟΚΑΤΑΒΟΛΗΝ ΖΗΤΕΙ Η ΕΛΛΗΝΙΚΗ ΚΥΒΕΡΝΗΣΙΣ ΑΠΟ ΤΗΝ ΒΟΥΛΓΑΡΙΑΝ
ΘΑ ΕΠΑΚΟΛΟΥΘΗΣΟΥΝ ΑΜΕΣΩΣ ΔΙΑΠΡΑΓΜΑΤΕΥΣΕΙΣ
Ὁ κ. Ντάλλες ἐδήλωσεν ὅτι ἡ ἐπίσκεψις ἀξιωματικῶν εἰς Μόσχαν δέν ἔχει ἰδιαιτέραν σημασίαν διά τάς σχέσεις τῶν δύο χωρῶν. Ὁ Λευκός Οἶκος δέν ἀποκλείει ἐπισκέψεις τῶν ἀρχηγῶν τῶν ἐπιτελείων. Κατά τάς πληροφορίας αἱ συζητήσεις συνεχίζονται μέ ἐπιμέλειαν καί ἀναμένονται ἀποφάσεις ἐντός τῶν προσεχῶν ἡμερῶν. Ὁ κ. Ντάλλες ἐδήλωσεν ὅτι ἡ ἐπίσκεψις ἀξιωματικῶν εἰς Μόσχαν δέν ἔχει ἰδιαιτέραν σημασίαν διά τάς σχέσεις τῶν δύο χωρῶν. Ὁ Λευκός Οἶκος δέν ἀποκλείει ἐπισκέψεις τῶν ἀρχηγῶν τῶν ἐπιτελείων. Κατά τάς πληροφορίας αἱ συζητήσεις συνεχίζονται μέ ἐπιμέλειαν καί ἀναμένονται ἀποφάσεις ἐντός τῶν προσεχῶν ἡμερῶν.
ΝΕΟΙ ΦΟΡΟΙ ΘΑ ΕΠΙΒΛΗΘΟΥΝ ΕΙΣ ΤΗΝ ΓΑΛΛΙΑΝ ΠΡΟΣ ΑΝΤΙΜΕΤΩΠΙΣΙΝ ΤΟΥ ΠΟΛΕΜΟΥ ΕΙΣ ΑΛΓΕΡΙΑΝ
ΠΑΡΙΣΙΟΙ, 25. Ὁ κ. Ντάλλες ἐδήλωσεν ὅτι ἡ ἐπίσκεψις ἀξιωματικῶν εἰς Μόσχαν δέν ἔχει ἰδιαιτέραν σημασίαν διά τάς σχέσεις τῶν δύο χωρῶν. Ὁ Λευκός Οἶκος δέν ἀποκλείει ἐπισκέψεις τῶν ἀρχηγῶν τῶν ἐπιτελείων. Κατά τάς πληροφορίας αἱ συζητήσεις συνεχίζονται μέ ἐπιμέλειαν καί ἀναμένονται ἀποφάσεις ἐντός τῶν προσεχῶν ἡμερῶν.
ΠΡΟΚΗΡΥΞΕΙΣ ΦΟΙΤΗΤΩΝ ΠΡΟΣ ΑΜΕΡΙΚΑΝΟΥΣ ΝΑΥΤΑΣ ΔΙΑ ΤΗΝ ΚΥΠΡΟΝ
Ὁ κ. Ντάλλες ἐδήλωσεν ὅτι ἡ ἐπίσκεψις ἀξιωματικῶν εἰς Μόσχαν δέν ἔχει ἰδιαιτέραν σημασίαν διά τάς σχέσεις τῶν δύο χωρῶν. Ὁ Λευκός Οἶκος δέν ἀποκλείει ἐπισκέψεις τῶν ἀρχηγῶν τῶν ἐπιτελείων. Κατά τάς πληροφορίας αἱ συζητήσεις συνεχίζονται μέ ἐπιμέλειαν καί ἀναμένονται ἀποφάσεις ἐντός τῶν προσεχῶν ἡμερῶν.
ΣΟΒΙΕΤΙΚΑ ΠΟΛΕΜΙΚΑ ΘΑ ΕΠΙΣΚΕΦΘΟΥΝ ΕΠΙΣΗΜΩΣ ΤΗΝ ΓΙΟΥΓΚΟΣΛΑΒΙΑΝ
Ὁ κ. Ντάλλες ἐδήλωσεν ὅτι ἡ ἐπίσκεψις ἀξιωματικῶν εἰς Μόσχαν δέν ἔχει ἰδιαιτέραν σημασίαν διά τάς σχέσεις τῶν δύο χωρῶν. Ὁ Λευκός Οἶκος δέν ἀποκλείει ἐπισκέψεις τῶν ἀρχηγῶν τῶν ἐπιτελείων. Κατά τάς πληροφορίας αἱ συζητήσεις συνεχίζονται μέ ἐπιμέλειαν καί ἀναμένονται ἀποφάσεις ἐντός τῶν προσεχῶν ἡμερῶν.
Ο ΑΡΧΙΕΠΙΣΚΟΠΟΣ ΕΛΕΓΞΗ ΦΟΙΤΗΤΑΣ ΤΗΣ ΘΕΟΛΟΓΙΚΗΣ ΤΟΥ ΠΑΝ. ΘΕΣΣΑΛΟΝΙΚΗΣ
Ὁ κ. Ντάλλες ἐδήλωσεν ὅτι ἡ ἐπίσκεψις ἀξιωματικῶν εἰς Μόσχαν δέν ἔχει ἰδιαιτέραν σημασίαν διά τάς σχέσεις τῶν δύο χωρῶν. Ὁ Λευκός Οἶκος δέν ἀποκλείει ἐπισκέψεις τῶν ἀρχηγῶν τῶν ἐπιτελείων. Κατά τάς πληροφορίας αἱ συζητήσεις συνεχίζονται μέ ἐπιμέλειαν καί ἀναμένονται ἀποφάσεις ἐντός τῶν προσεχῶν ἡμερῶν.
Η ΣΑΟΥΔΙΚΗ ΑΡΑΒΙΑ ΚΑΤΑΓΓΕΛΛΕΙ ΠΙΘΟΤΗΤΑΣ ΤΩΝ ΑΓΓΛΩΝ ΕΙΣ ΑΝΤΕΝ
Ὁ κ. Ντάλλες ἐδήλωσεν ὅτι ἡ ἐπίσκεψις ἀξιωματικῶν εἰς Μόσχαν δέν ἔχει ἰδιαιτέραν σημασίαν διά τάς σχέσεις τῶν δύο χωρῶν. Ὁ Λευκός Οἶκος δέν ἀποκλείει ἐπισκέψεις τῶν ἀρχηγῶν τῶν ἐπιτελείων. Κατά τάς πληροφορίας αἱ συζητήσεις συνεχίζονται μέ ἐπιμέλειαν καί ἀναμένονται ἀποφάσεις ἐντός τῶν προσεχῶν ἡμερῶν.
Η ΑΝΑΠΗΡΙΚΗ ΓΑΜΙΚΗ ΥΠΟ ΤΟΥ ΜΕΤΟΧΙΚΟΥ ΤΑΜΕΙΟΥ ΣΤΡΑΤΟΥ
Ὁ κ. Ντάλλες ἐδήλωσεν ὅτι ἡ ἐπίσκεψις ἀξιωματικῶν εἰς Μόσχαν δέν ἔχει ἰδιαιτέραν σημασίαν διά τάς σχέσεις τῶν δύο χωρῶν. Ὁ Λευκός Οἶκος δέν ἀποκλείει ἐπισκέψεις τῶν ἀρχηγῶν τῶν ἐπιτελείων. Κατά τάς πληροφορίας αἱ συζητήσεις συνεχίζονται μέ ἐπιμέλειαν καί ἀναμένονται ἀποφάσεις ἐντός τῶν προσεχῶν ἡμερῶν.
ΥΠΕΧΩΡΗΣΕ Ο ΑΝΤΙΚΑΙΟΣ ΕΝΑΝΤΙ ΤΟΥ κ. ΕΡΧΑΡΤ
Ὁ κ. Ντάλλες ἐδήλωσεν ὅτι ἡ ἐπίσκεψις ἀξιωματικῶν εἰς Μόσχαν δέν ἔχει ἰδιαιτέραν σημασίαν διά τάς σχέσεις τῶν δύο χωρῶν. Ὁ Λευκός Οἶκος δέν ἀποκλείει ἐπισκέψεις τῶν ἀρχηγῶν τῶν ἐπιτελείων. Κατά τάς πληροφορίας αἱ συζητήσεις συνεχίζονται μέ ἐπιμέλειαν καί ἀναμένονται ἀποφάσεις ἐντός τῶν προσεχῶν ἡμερῶν.
ΑΠΑΝΤΗΣΙΣ ΤΗΣ ΓΑΛΛΙΑΣ ΕΙΣ ΤΑ ΡΩΣΙΚΑ ΣΥΜΦΩΝΑ
Ὁ κ. Ντάλλες ἐδήλωσεν ὅτι ἡ ἐπίσκεψις ἀξιωματικῶν εἰς Μόσχαν δέν ἔχει ἰδιαιτέραν σημασίαν διά τάς σχέσεις τῶν δύο χωρῶν. Ὁ Λευκός Οἶκος δέν ἀποκλείει ἐπισκέψεις τῶν ἀρχηγῶν τῶν ἐπιτελείων. Κατά τάς πληροφορίας αἱ συζητήσεις συνεχίζονται μέ ἐπιμέλειαν καί ἀναμένονται ἀποφάσεις ἐντός τῶν προσεχῶν ἡμερῶν.
Η ΕΜΠΟΡΙΚΗ ΣΥΜΦΩΝΙΑ ΕΛΛΑΔΟΣ ΚΑΙ ΟΥΓΓΑΡΙΑΣ
Ὁ κ. Ντάλλες ἐδήλωσεν ὅτι ἡ ἐπίσκεψις ἀξιωματικῶν εἰς Μόσχαν δέν ἔχει ἰδιαιτέραν σημασίαν διά τάς σχέσεις τῶν δύο χωρῶν. Ὁ Λευκός Οἶκος δέν ἀποκλείει ἐπισκέψεις τῶν ἀρχηγῶν τῶν ἐπιτελείων. Κατά τάς πληροφορίας αἱ συζητήσεις συνεχίζονται μέ ἐπιμέλειαν καί ἀναμένονται ἀποφάσεις ἐντός τῶν προσεχῶν ἡμερῶν.
Ο ΓΕΡΜΑΝΟΣ ΠΡΟΕΔΡΟΣ ΕΥΧΑΡΙΣΤΕΙ ΤΟΥΣ ΒΑΣΙΛΕΙΣ
Ὁ κ. Ντάλλες ἐδήλωσεν ὅτι ἡ ἐπίσκεψις ἀξιωματικῶν εἰς Μόσχαν δέν ἔχει ἰδιαιτέραν σημασίαν διά τάς σχέσεις τῶν δύο χωρῶν. Ὁ Λευκός Οἶκος δέν ἀποκλείει ἐπισκέψεις τῶν ἀρχηγῶν τῶν ἐπιτελείων. Κατά τάς πληροφορίας αἱ συζητήσεις συνεχίζονται μέ ἐπιμέλειαν καί ἀναμένονται ἀποφάσεις ἐντός τῶν προσεχῶν ἡμερῶν.
ΕΠΙΤΙΜΙΑ ΚΡΑΥΓΩΝ ΝΟΣΟΚΟΜΕΙΟΥ ΕΙΣ ΑΜΑΛΙΑΔΑ
Ὁ κ. Ντάλλες ἐδήλωσεν ὅτι ἡ ἐπίσκεψις ἀξιωματικῶν εἰς Μόσχαν δέν ἔχει ἰδιαιτέραν σημασίαν διά τάς σχέσεις τῶν δύο χωρῶν. Ὁ Λευκός Οἶκος δέν ἀποκλείει ἐπισκέψεις τῶν ἀρχηγῶν τῶν ἐπιτελείων. Κατά τάς πληροφορίας αἱ συζητήσεις συνεχίζονται μέ ἐπιμέλειαν καί ἀναμένονται ἀποφάσεις ἐντός τῶν προσεχῶν ἡμερῶν.
